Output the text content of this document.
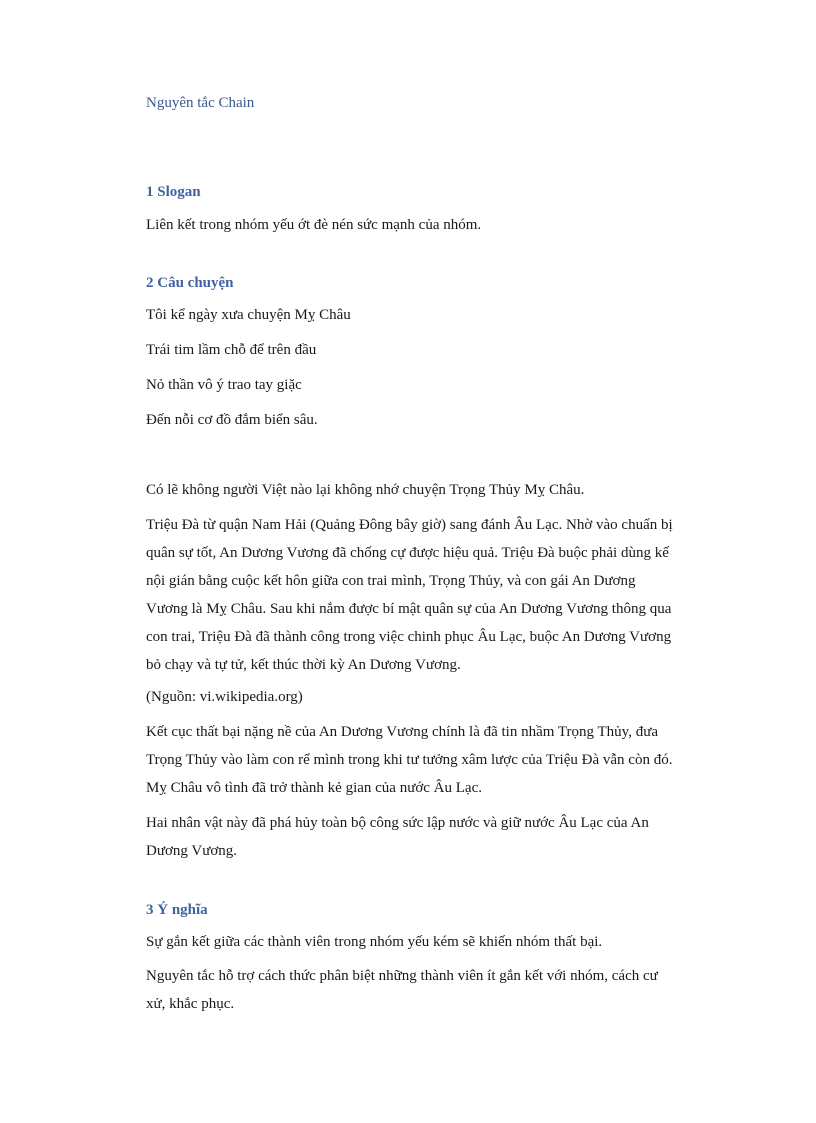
Nguyên tắc Chain

1 Slogan

Liên kết trong nhóm yếu ớt đè nén sức mạnh của nhóm.

2 Câu chuyện

Tôi kể ngày xưa chuyện Mỵ Châu

Trái tim lầm chỗ để trên đầu

Nỏ thần vô ý trao tay giặc

Đến nỗi cơ đồ đắm biển sâu.

Có lẽ không người Việt nào lại không nhớ chuyện Trọng Thủy Mỵ Châu.

Triệu Đà từ quận Nam Hải (Quảng Đông bây giờ) sang đánh Âu Lạc. Nhờ vào chuẩn bị quân sự tốt, An Dương Vương đã chống cự được hiệu quả. Triệu Đà buộc phải dùng kế nội gián bằng cuộc kết hôn giữa con trai mình, Trọng Thủy, và con gái An Dương Vương là Mỵ Châu. Sau khi nắm được bí mật quân sự của An Dương Vương thông qua con trai, Triệu Đà đã thành công trong việc chinh phục Âu Lạc, buộc An Dương Vương bỏ chạy và tự tử, kết thúc thời kỳ An Dương Vương.

(Nguồn: vi.wikipedia.org)

Kết cục thất bại nặng nề của An Dương Vương chính là đã tin nhầm Trọng Thủy, đưa Trọng Thủy vào làm con rể mình trong khi tư tưởng xâm lược của Triệu Đà vẫn còn đó. Mỵ Châu vô tình đã trở thành kẻ gian của nước Âu Lạc.

Hai nhân vật này đã phá hủy toàn bộ công sức lập nước và giữ nước Âu Lạc của An Dương Vương.

3 Ý nghĩa

Sự gắn kết giữa các thành viên trong nhóm yếu kém sẽ khiến nhóm thất bại.

Nguyên tắc hỗ trợ cách thức phân biệt những thành viên ít gắn kết với nhóm, cách cư xử, khắc phục.
